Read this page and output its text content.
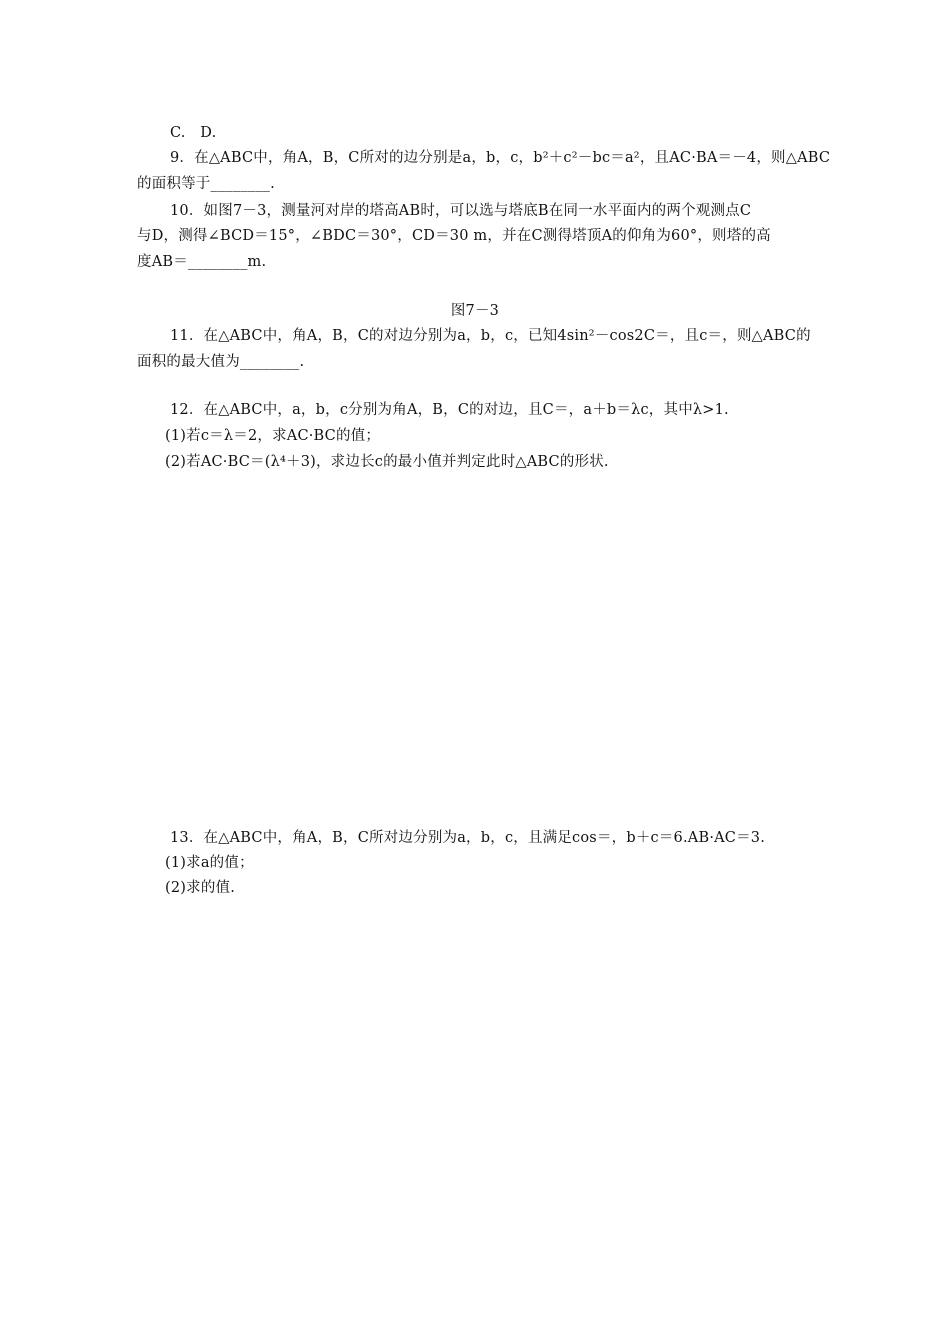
C.　D.
9．在△ABC中，角A，B，C所对的边分别是a，b，c，b²＋c²－bc＝a²，且AC·BA＝－4，则△ABC
的面积等于________.
10．如图7－3，测量河对岸的塔高AB时，可以选与塔底B在同一水平面内的两个观测点C
与D，测得∠BCD＝15°，∠BDC＝30°，CD＝30 m，并在C测得塔顶A的仰角为60°，则塔的高
度AB＝________m.
图7－3
11．在△ABC中，角A，B，C的对边分别为a，b，c，已知4sin²－cos2C＝，且c＝，则△ABC的
面积的最大值为________.
12．在△ABC中，a，b，c分别为角A，B，C的对边，且C＝，a＋b＝λc，其中λ>1.
(1)若c＝λ＝2，求AC·BC的值；
(2)若AC·BC＝(λ⁴＋3)，求边长c的最小值并判定此时△ABC的形状.
13．在△ABC中，角A，B，C所对边分别为a，b，c，且满足cos＝，b＋c＝6.AB·AC＝3.
(1)求a的值；
(2)求的值.
